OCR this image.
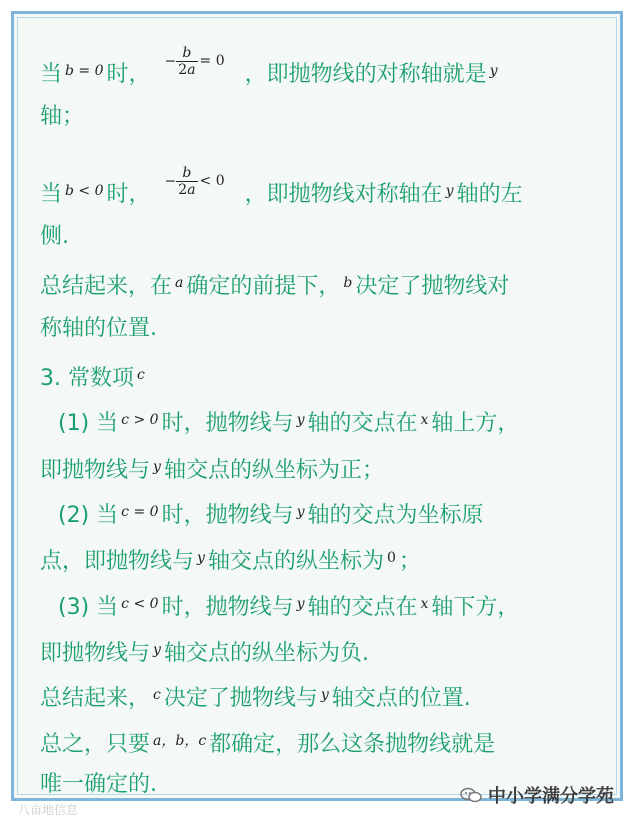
当 $^{b = 0}$ 时，− $\frac{b}{2a} = 0$，即抛物线的对称轴就是 $^y$
轴；
当 $^{b < 0}$ 时，− $\frac{b}{2a} < 0$，即抛物线对称轴在 $^y$ 轴的左
侧.
总结起来，在 $^a$ 确定的前提下， $^b$ 决定了抛物线对
称轴的位置.
3. 常数项 $^c$
(1) 当 $^{c > 0}$ 时，抛物线与 $^y$ 轴的交点在 $^x$ 轴上方，
即抛物线与 $^y$ 轴交点的纵坐标为正；
(2) 当 $^{c = 0}$ 时，抛物线与 $^y$ 轴的交点为坐标原
点，即抛物线与 $^y$ 轴交点的纵坐标为 $^0$ ；
(3) 当 $^{c < 0}$ 时，抛物线与 $^y$ 轴的交点在 $^x$ 轴下方，
即抛物线与 $^y$ 轴交点的纵坐标为负.
总结起来， $^c$ 决定了抛物线与 $^y$ 轴交点的位置.
总之，只要 $^{a,b,c}$ 都确定，那么这条抛物线就是
唯一确定的.
八亩地信息
中小学满分学苑
